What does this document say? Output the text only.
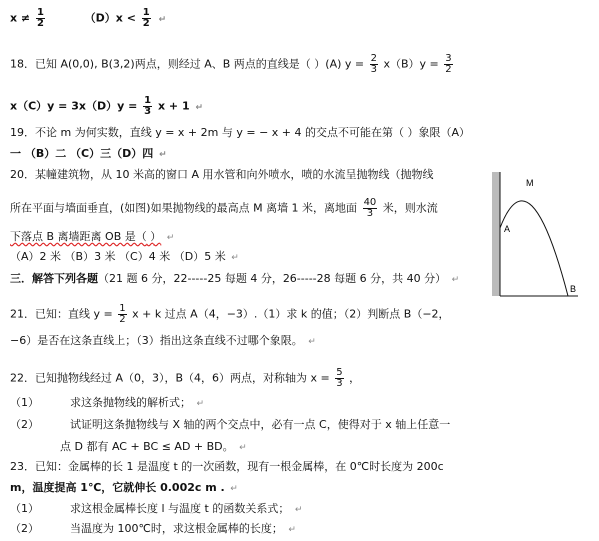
$x \ne \frac{1}{2}$	$(D)x < \frac{1}{2}$ ↵
18．已知 A(0,0), B(3,2)两点，则经过 A、B 两点的直线是（ ）(A) $y = \frac{2}{3} x(B)y = \frac{3}{2}$
$x(C)y = 3x(D)y = \frac{1}{3}$ x + 1 ↵
19．不论 m 为何实数，直线 y = x + 2m 与 y = − x + 4 的交点不可能在第（ ）象限（A）
一 （B）二 （C）三（D）四 ↵
20．某幢建筑物，从 10 米高的窗口 A 用水管和向外喷水，喷的水流呈抛物线（抛物线
所在平面与墙面垂直，(如图)如果抛物线的最高点 M 离墙 1 米，离地面 $\frac{40}{3}$ 米，则水流
下落点 B 离墙距离 OB 是（ ） ↵
（A）2 米 （B）3 米 （C）4 米 （D）5 米 ↵
M
A
B
三．解答下列各题（21 题 6 分，22-----25 每题 4 分，26-----28 每题 6 分，共 40 分） ↵
21．已知：直线 $y = \frac{1}{2}$ x + k 过点 A（4，−3）.（1）求 k 的值；（2）判断点 B（−2，
−6）是否在这条直线上；（3）指出这条直线不过哪个象限。 ↵
22．已知抛物线经过 A（0，3），B（4，6）两点，对称轴为 $x = \frac{5}{3}$ ，
（1）	求这条抛物线的解析式； ↵
（2）	试证明这条抛物线与 X 轴的两个交点中，必有一点 C，使得对于 x 轴上任意一
点 D 都有 AC + BC ≤ AD + BD。 ↵
23．已知：金属棒的长 1 是温度 t 的一次函数，现有一根金属棒，在 0℃时长度为 200c
m，温度提高 1℃，它就伸长 0.002c m . ↵
（1）	求这根金属棒长度 l 与温度 t 的函数关系式； ↵
（2）	当温度为 100℃时，求这根金属棒的长度； ↵
